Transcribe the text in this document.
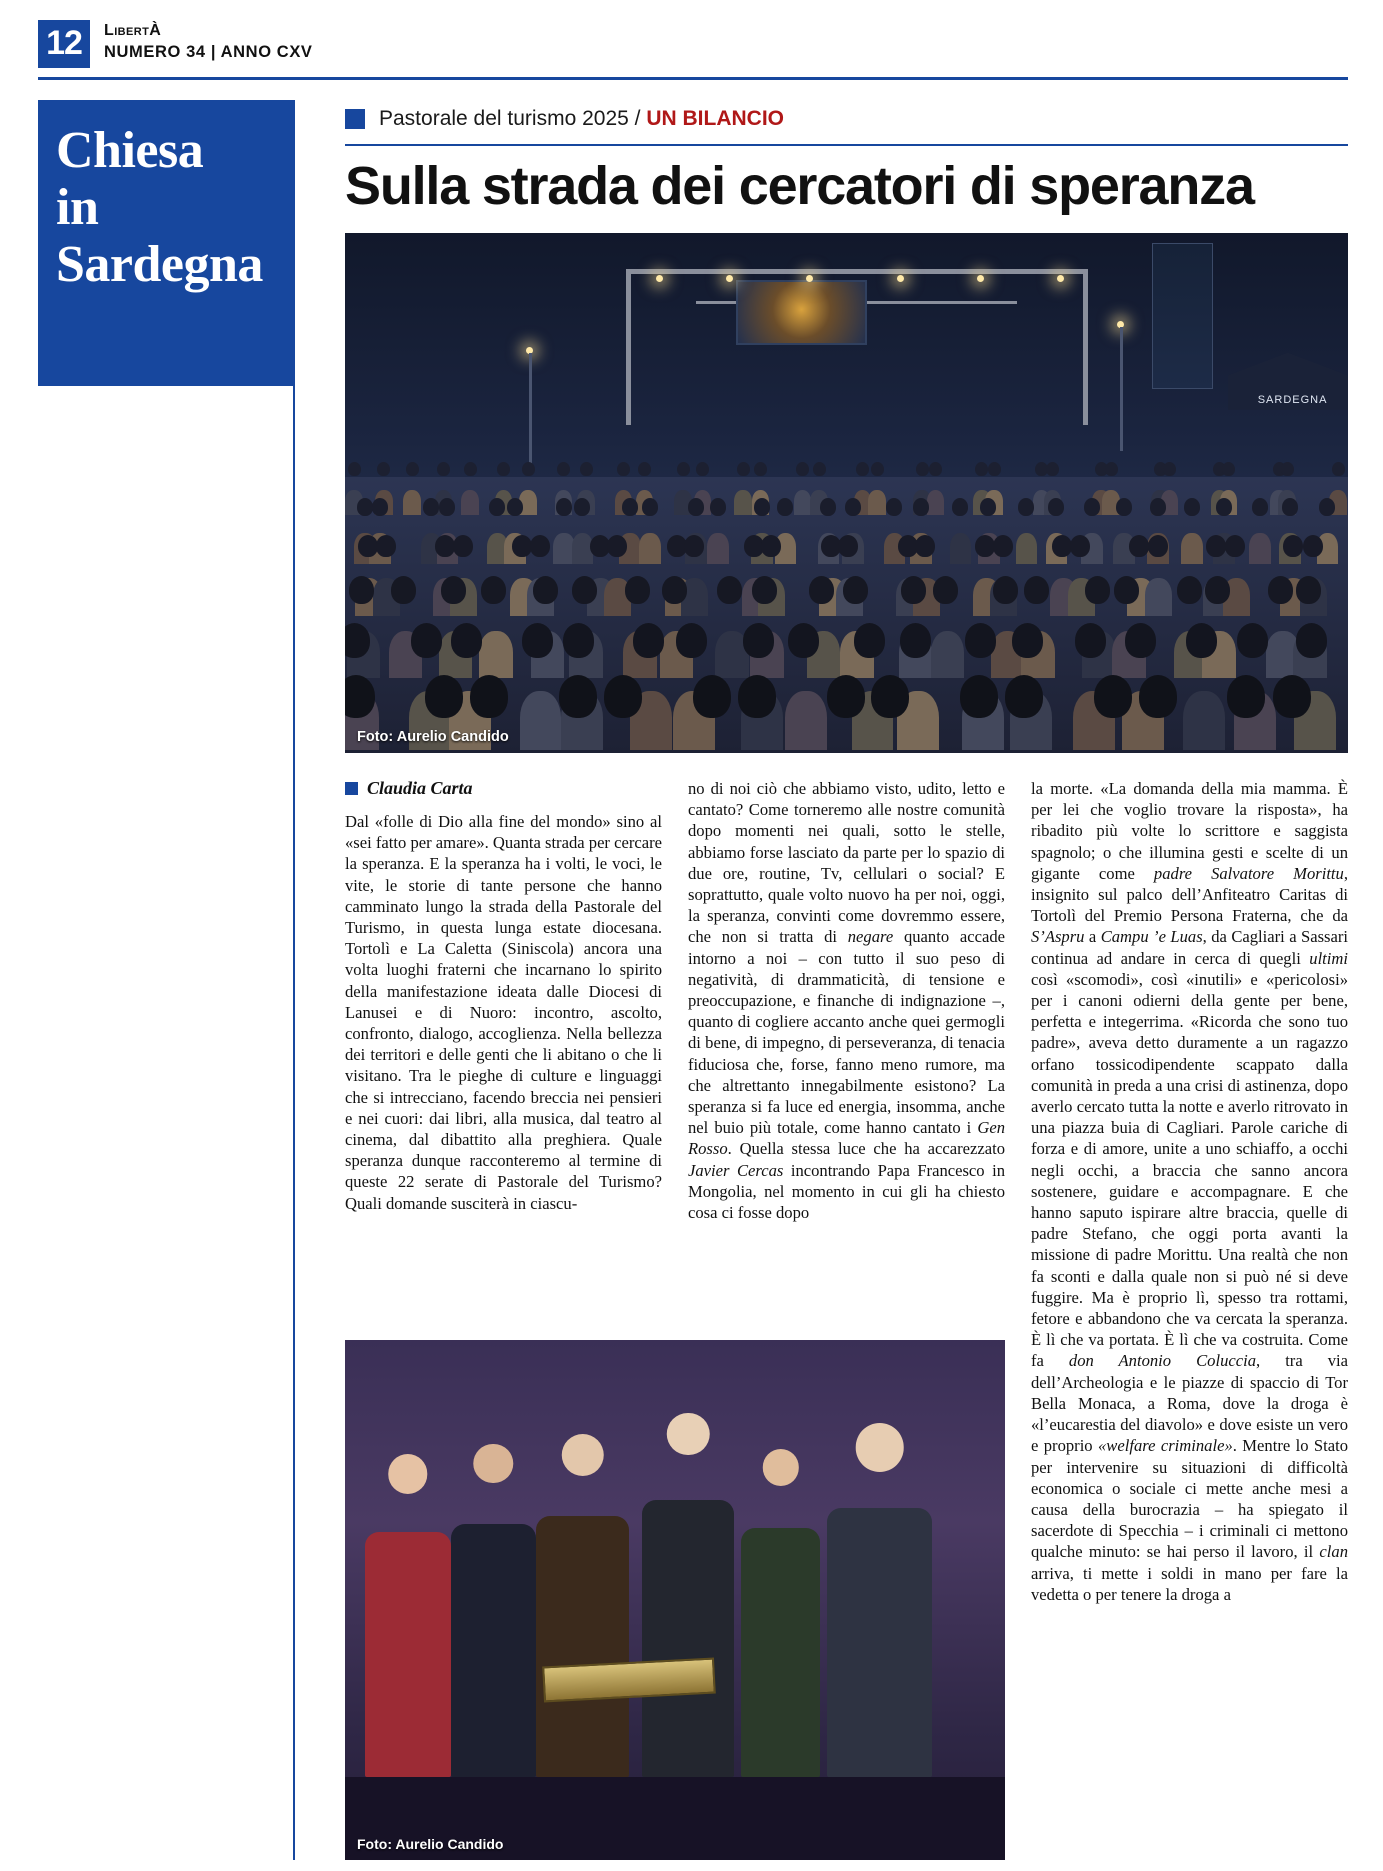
12	LIBERTÀ
NUMERO 34 | ANNO CXV
Chiesa
in
Sardegna
Pastorale del turismo 2025 / UN BILANCIO
Sulla strada dei cercatori di speranza
SARDEGNA
Foto: Aurelio Candido
Claudia Carta
Dal «folle di Dio alla fine del mondo» sino al «sei fatto per amare». Quanta strada per cercare la speranza. E la speranza ha i volti, le voci, le vite, le storie di tante persone che hanno camminato lungo la strada della Pastorale del Turismo, in questa lunga estate diocesana. Tortolì e La Caletta (Siniscola) ancora una volta luoghi fraterni che incarnano lo spirito della manifestazione ideata dalle Diocesi di Lanusei e di Nuoro: incontro, ascolto, confronto, dialogo, accoglienza. Nella bellezza dei territori e delle genti che li abitano o che li visitano. Tra le pieghe di culture e linguaggi che si intrecciano, facendo breccia nei pensieri e nei cuori: dai libri, alla musica, dal teatro al cinema, dal dibattito alla preghiera. Quale speranza dunque racconteremo al termine di queste 22 serate di Pastorale del Turismo? Quali domande susciterà in ciascu-
no di noi ciò che abbiamo visto, udito, letto e cantato? Come torneremo alle nostre comunità dopo momenti nei quali, sotto le stelle, abbiamo forse lasciato da parte per lo spazio di due ore, routine, Tv, cellulari o social? E soprattutto, quale volto nuovo ha per noi, oggi, la speranza, convinti come dovremmo essere, che non si tratta di negare quanto accade intorno a noi – con tutto il suo peso di negatività, di drammaticità, di tensione e preoccupazione, e finanche di indignazione –, quanto di cogliere accanto anche quei germogli di bene, di impegno, di perseveranza, di tenacia fiduciosa che, forse, fanno meno rumore, ma che altrettanto innegabilmente esistono? La speranza si fa luce ed energia, insomma, anche nel buio più totale, come hanno cantato i Gen Rosso. Quella stessa luce che ha accarezzato Javier Cercas incontrando Papa Francesco in Mongolia, nel momento in cui gli ha chiesto cosa ci fosse dopo
la morte. «La domanda della mia mamma. È per lei che voglio trovare la risposta», ha ribadito più volte lo scrittore e saggista spagnolo; o che illumina gesti e scelte di un gigante come padre Salvatore Morittu, insignito sul palco dell’Anfiteatro Caritas di Tortolì del Premio Persona Fraterna, che da S’Aspru a Campu ’e Luas, da Cagliari a Sassari continua ad andare in cerca di quegli ultimi così «scomodi», così «inutili» e «pericolosi» per i canoni odierni della gente per bene, perfetta e integerrima. «Ricorda che sono tuo padre», aveva detto duramente a un ragazzo orfano tossicodipendente scappato dalla comunità in preda a una crisi di astinenza, dopo averlo cercato tutta la notte e averlo ritrovato in una piazza buia di Cagliari. Parole cariche di forza e di amore, unite a uno schiaffo, a occhi negli occhi, a braccia che sanno ancora sostenere, guidare e accompagnare. E che hanno saputo ispirare altre braccia, quelle di padre Stefano, che oggi porta avanti la missione di padre Morittu. Una realtà che non fa sconti e dalla quale non si può né si deve fuggire. Ma è proprio lì, spesso tra rottami, fetore e abbandono che va cercata la speranza. È lì che va portata. È lì che va costruita. Come fa don Antonio Coluccia, tra via dell’Archeologia e le piazze di spaccio di Tor Bella Monaca, a Roma, dove la droga è «l’eucarestia del diavolo» e dove esiste un vero e proprio «welfare criminale». Mentre lo Stato per intervenire su situazioni di difficoltà economica o sociale ci mette anche mesi a causa della burocrazia – ha spiegato il sacerdote di Specchia – i criminali ci mettono qualche minuto: se hai perso il lavoro, il clan arriva, ti mette i soldi in mano per fare la vedetta o per tenere la droga a
Foto: Aurelio Candido
